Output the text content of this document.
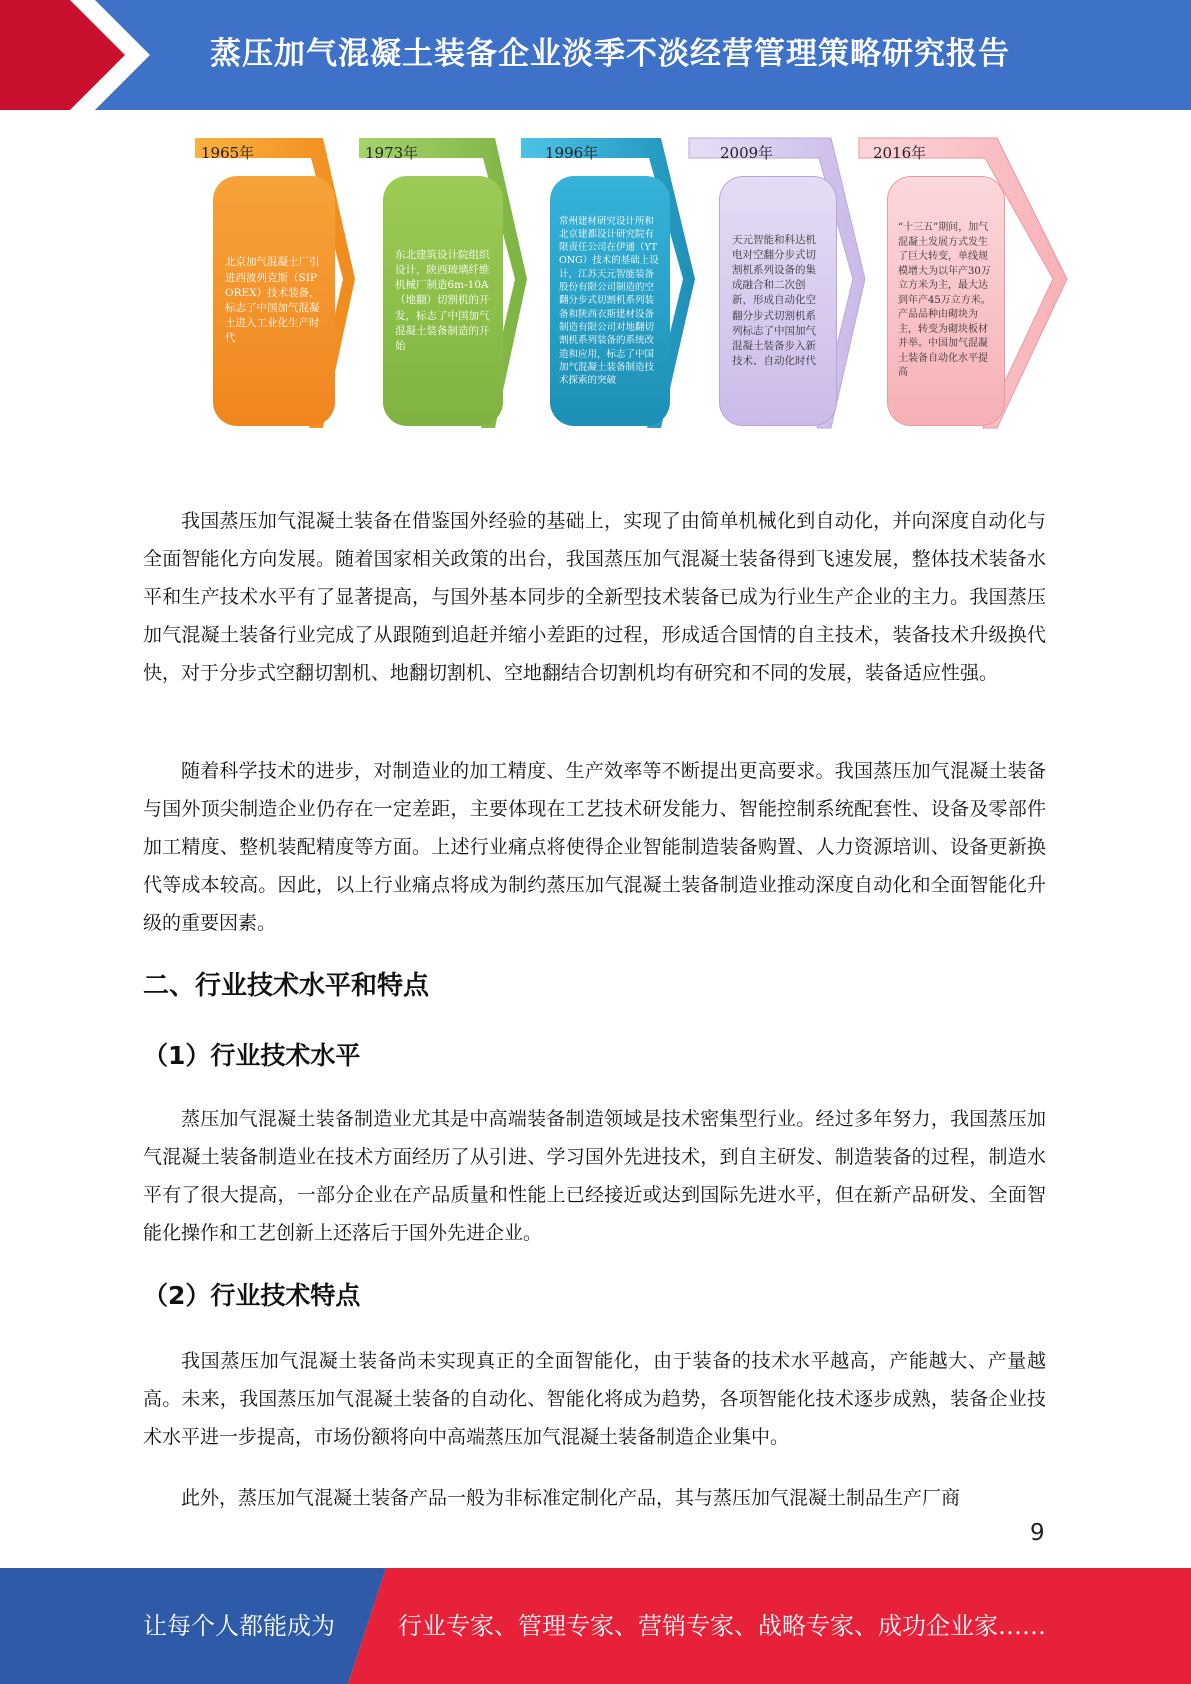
蒸压加气混凝土装备企业淡季不淡经营管理策略研究报告
1965年	1973年	1996年	2009年	2016年
北京加气混凝土厂引进西波列克斯（SIPOREX）技术装备，标志了中国加气混凝土进入工业化生产时代
东北建筑设计院组织设计，陕西玻璃纤维机械厂制造6m-10A（地翻）切割机的开发，标志了中国加气混凝土装备制造的开始
常州建材研究设计所和北京建都设计研究院有限责任公司在伊通（YTONG）技术的基础上设计，江苏天元智能装备股份有限公司制造的空翻分步式切割机系列装备和陕西衣斯建材设备制造有限公司对地翻切割机系列装备的系统改造和应用，标志了中国加气混凝土装备制造技术探索的突破
天元智能和科达机电对空翻分步式切割机系列设备的集成融合和二次创新，形成自动化空翻分步式切割机系列标志了中国加气混凝土装备步入新技术、自动化时代
“十三五”期间，加气混凝土发展方式发生了巨大转变，单线规模增大为以年产30万立方米为主，最大达到年产45万立方米。产品品种由砌块为主，转变为砌块板材并举。中国加气混凝土装备自动化水平提高

我国蒸压加气混凝土装备在借鉴国外经验的基础上，实现了由简单机械化到自动化，并向深度自动化与全面智能化方向发展。随着国家相关政策的出台，我国蒸压加气混凝土装备得到飞速发展，整体技术装备水平和生产技术水平有了显著提高，与国外基本同步的全新型技术装备已成为行业生产企业的主力。我国蒸压加气混凝土装备行业完成了从跟随到追赶并缩小差距的过程，形成适合国情的自主技术，装备技术升级换代快，对于分步式空翻切割机、地翻切割机、空地翻结合切割机均有研究和不同的发展，装备适应性强。

随着科学技术的进步，对制造业的加工精度、生产效率等不断提出更高要求。我国蒸压加气混凝土装备与国外顶尖制造企业仍存在一定差距，主要体现在工艺技术研发能力、智能控制系统配套性、设备及零部件加工精度、整机装配精度等方面。上述行业痛点将使得企业智能制造装备购置、人力资源培训、设备更新换代等成本较高。因此，以上行业痛点将成为制约蒸压加气混凝土装备制造业推动深度自动化和全面智能化升级的重要因素。

二、行业技术水平和特点
（1）行业技术水平

蒸压加气混凝土装备制造业尤其是中高端装备制造领域是技术密集型行业。经过多年努力，我国蒸压加气混凝土装备制造业在技术方面经历了从引进、学习国外先进技术，到自主研发、制造装备的过程，制造水平有了很大提高，一部分企业在产品质量和性能上已经接近或达到国际先进水平，但在新产品研发、全面智能化操作和工艺创新上还落后于国外先进企业。

（2）行业技术特点

我国蒸压加气混凝土装备尚未实现真正的全面智能化，由于装备的技术水平越高，产能越大、产量越高。未来，我国蒸压加气混凝土装备的自动化、智能化将成为趋势，各项智能化技术逐步成熟，装备企业技术水平进一步提高，市场份额将向中高端蒸压加气混凝土装备制造企业集中。

此外，蒸压加气混凝土装备产品一般为非标准定制化产品，其与蒸压加气混凝土制品生产厂商

9
让每个人都能成为	行业专家、管理专家、营销专家、战略专家、成功企业家……
